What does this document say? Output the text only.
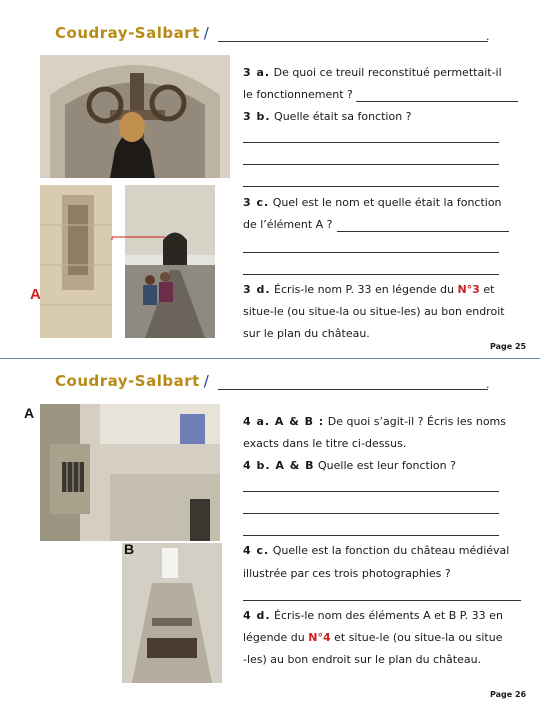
Coudray-Salbart /	.
A
3 a. De quoi ce treuil reconstitué permettait-il
le fonctionnement ?
3 b. Quelle était sa fonction ?
3 c. Quel est le nom et quelle était la fonction
de l’élément A ?
3 d. Écris-le nom P. 33 en légende du N°3 et
situe-le (ou situe-la ou situe-les) au bon endroit
sur le plan du château.
Page 25
Coudray-Salbart /	.
A
B
4 a. A & B : De quoi s’agit-il ? Écris les noms
exacts dans le titre ci-dessus.
4 b. A & B Quelle est leur fonction ?
4 c. Quelle est la fonction du château médiéval
illustrée par ces trois photographies ?
4 d. Écris-le nom des éléments A et B P. 33 en
légende du N°4 et situe-le (ou situe-la ou situe
-les) au bon endroit sur le plan du château.
Page 26
